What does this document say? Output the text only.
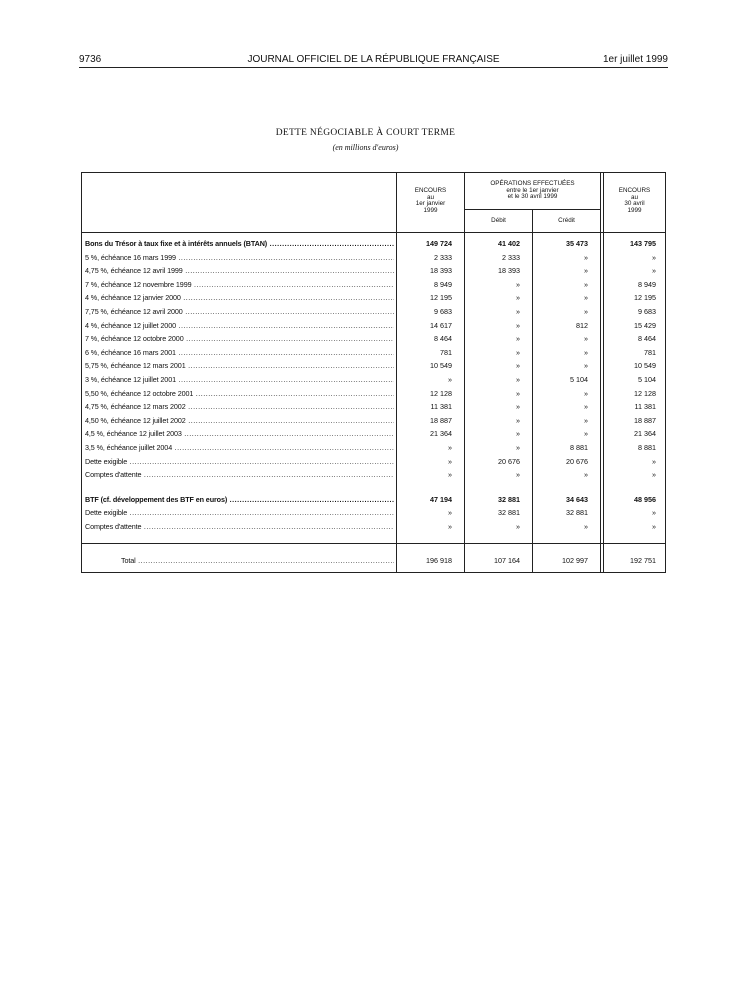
9736	JOURNAL OFFICIEL DE LA RÉPUBLIQUE FRANÇAISE	1er juillet 1999
DETTE NÉGOCIABLE À COURT TERME
(en millions d'euros)
ENCOURS
au
1er janvier
1999
OPÉRATIONS EFFECTUÉES
entre le 1er janvier
et le 30 avril 1999
Débit	Crédit
ENCOURS
au
30 avril
1999
Bons du Trésor à taux fixe et à intérêts annuels (BTAN) .....	149 724	41 402	35 473	143 795
5 %, échéance 16 mars 1999 .....	2 333	2 333	»	»
4,75 %, échéance 12 avril 1999 .....	18 393	18 393	»	»
7 %, échéance 12 novembre 1999 .....	8 949	»	»	8 949
4 %, échéance 12 janvier 2000 .....	12 195	»	»	12 195
7,75 %, échéance 12 avril 2000 .....	9 683	»	»	9 683
4 %, échéance 12 juillet 2000 .....	14 617	»	812	15 429
7 %, échéance 12 octobre 2000 .....	8 464	»	»	8 464
6 %, échéance 16 mars 2001 .....	781	»	»	781
5,75 %, échéance 12 mars 2001 .....	10 549	»	»	10 549
3 %, échéance 12 juillet 2001 .....	»	»	5 104	5 104
5,50 %, échéance 12 octobre 2001 .....	12 128	»	»	12 128
4,75 %, échéance 12 mars 2002 .....	11 381	»	»	11 381
4,50 %, échéance 12 juillet 2002 .....	18 887	»	»	18 887
4,5 %, échéance 12 juillet 2003 .....	21 364	»	»	21 364
3,5 %, échéance juillet 2004 .....	»	»	8 881	8 881
Dette exigible .....	»	20 676	20 676	»
Comptes d'attente .....	»	»	»	»
BTF (cf. développement des BTF en euros) .....	47 194	32 881	34 643	48 956
Dette exigible .....	»	32 881	32 881	»
Comptes d'attente .....	»	»	»	»
Total .....	196 918	107 164	102 997	192 751
